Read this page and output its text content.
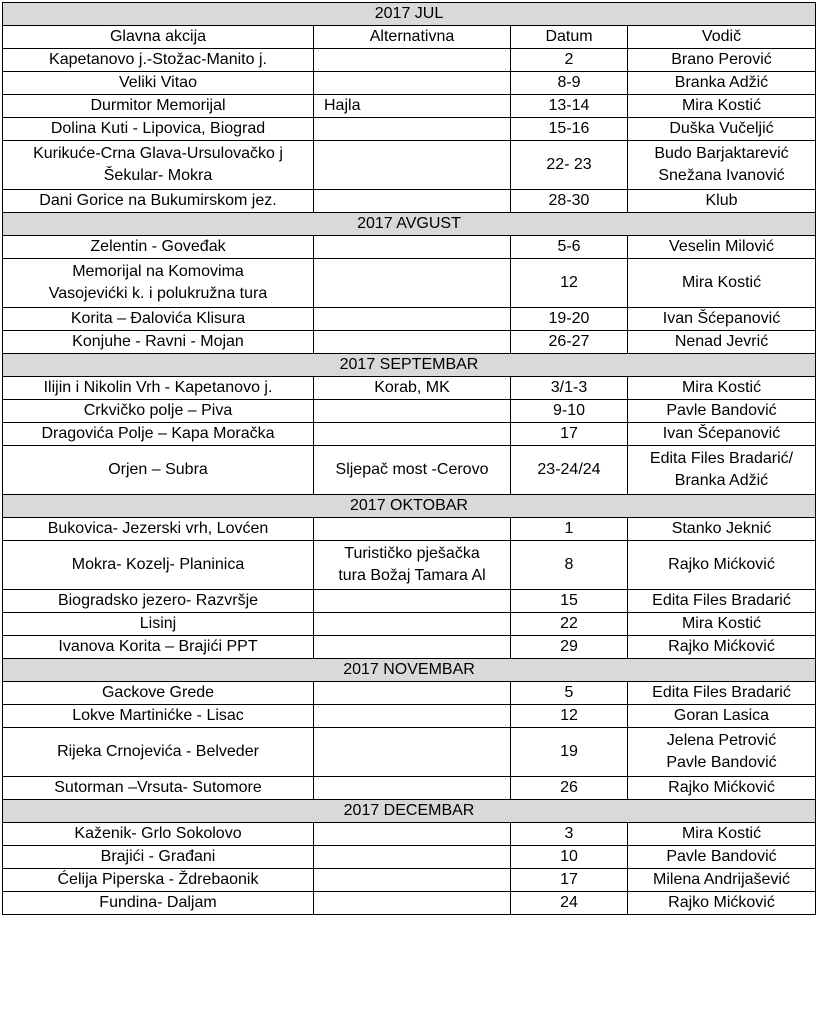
2017 JUL			
Glavna akcija	Alternativna	Datum	Vodič

Kapetanovo j.-Stožac-Manito j.		2	Brano Perović

Veliki Vitao		8-9	Branka Adžić

Durmitor Memorijal	Hajla	13-14	Mira Kostić

Dolina Kuti - Lipovica, Biograd		15-16	Duška Vučeljić

Kurikuće-Crna Glava-Ursulovačko j
Šekular- Mokra		22- 23	Budo Barjaktarević
Snežana Ivanović

Dani Gorice na Bukumirskom jez.		28-30	Klub

2017 AVGUST			

Zelentin - Goveđak		5-6	Veselin Milović

Memorijal na Komovima
Vasojevićki k. i polukružna tura		12	Mira Kostić

Korita – Đalovića Klisura		19-20	Ivan Šćepanović

Konjuhe - Ravni - Mojan		26-27	Nenad Jevrić

2017 SEPTEMBAR			

Ilijin i Nikolin Vrh - Kapetanovo j.	Korab, MK	3/1-3	Mira Kostić

Crkvičko polje – Piva		9-10	Pavle Bandović

Dragovića Polje – Kapa Moračka		17	Ivan Šćepanović

Orjen – Subra	Sljepač most -Cerovo	23-24/24	Edita Files Bradarić/
Branka Adžić

2017 OKTOBAR			

Bukovica- Jezerski vrh, Lovćen		1	Stanko Jeknić

Mokra- Kozelj- Planinica	Turističko pješačka
tura Božaj Tamara Al	8	Rajko Mićković

Biogradsko jezero- Razvršje		15	Edita Files Bradarić

Lisinj		22	Mira Kostić

Ivanova Korita – Brajići PPT		29	Rajko Mićković

2017 NOVEMBAR			

Gackove Grede		5	Edita Files Bradarić

Lokve Martinićke - Lisac		12	Goran Lasica

Rijeka Crnojevića - Belveder		19	Jelena Petrović
Pavle Bandović

Sutorman –Vrsuta- Sutomore		26	Rajko Mićković

2017 DECEMBAR			

Kaženik- Grlo Sokolovo		3	Mira Kostić

Brajići - Građani		10	Pavle Bandović

Ćelija Piperska - Ždrebaonik		17	Milena Andrijašević

Fundina- Daljam		24	Rajko Mićković
